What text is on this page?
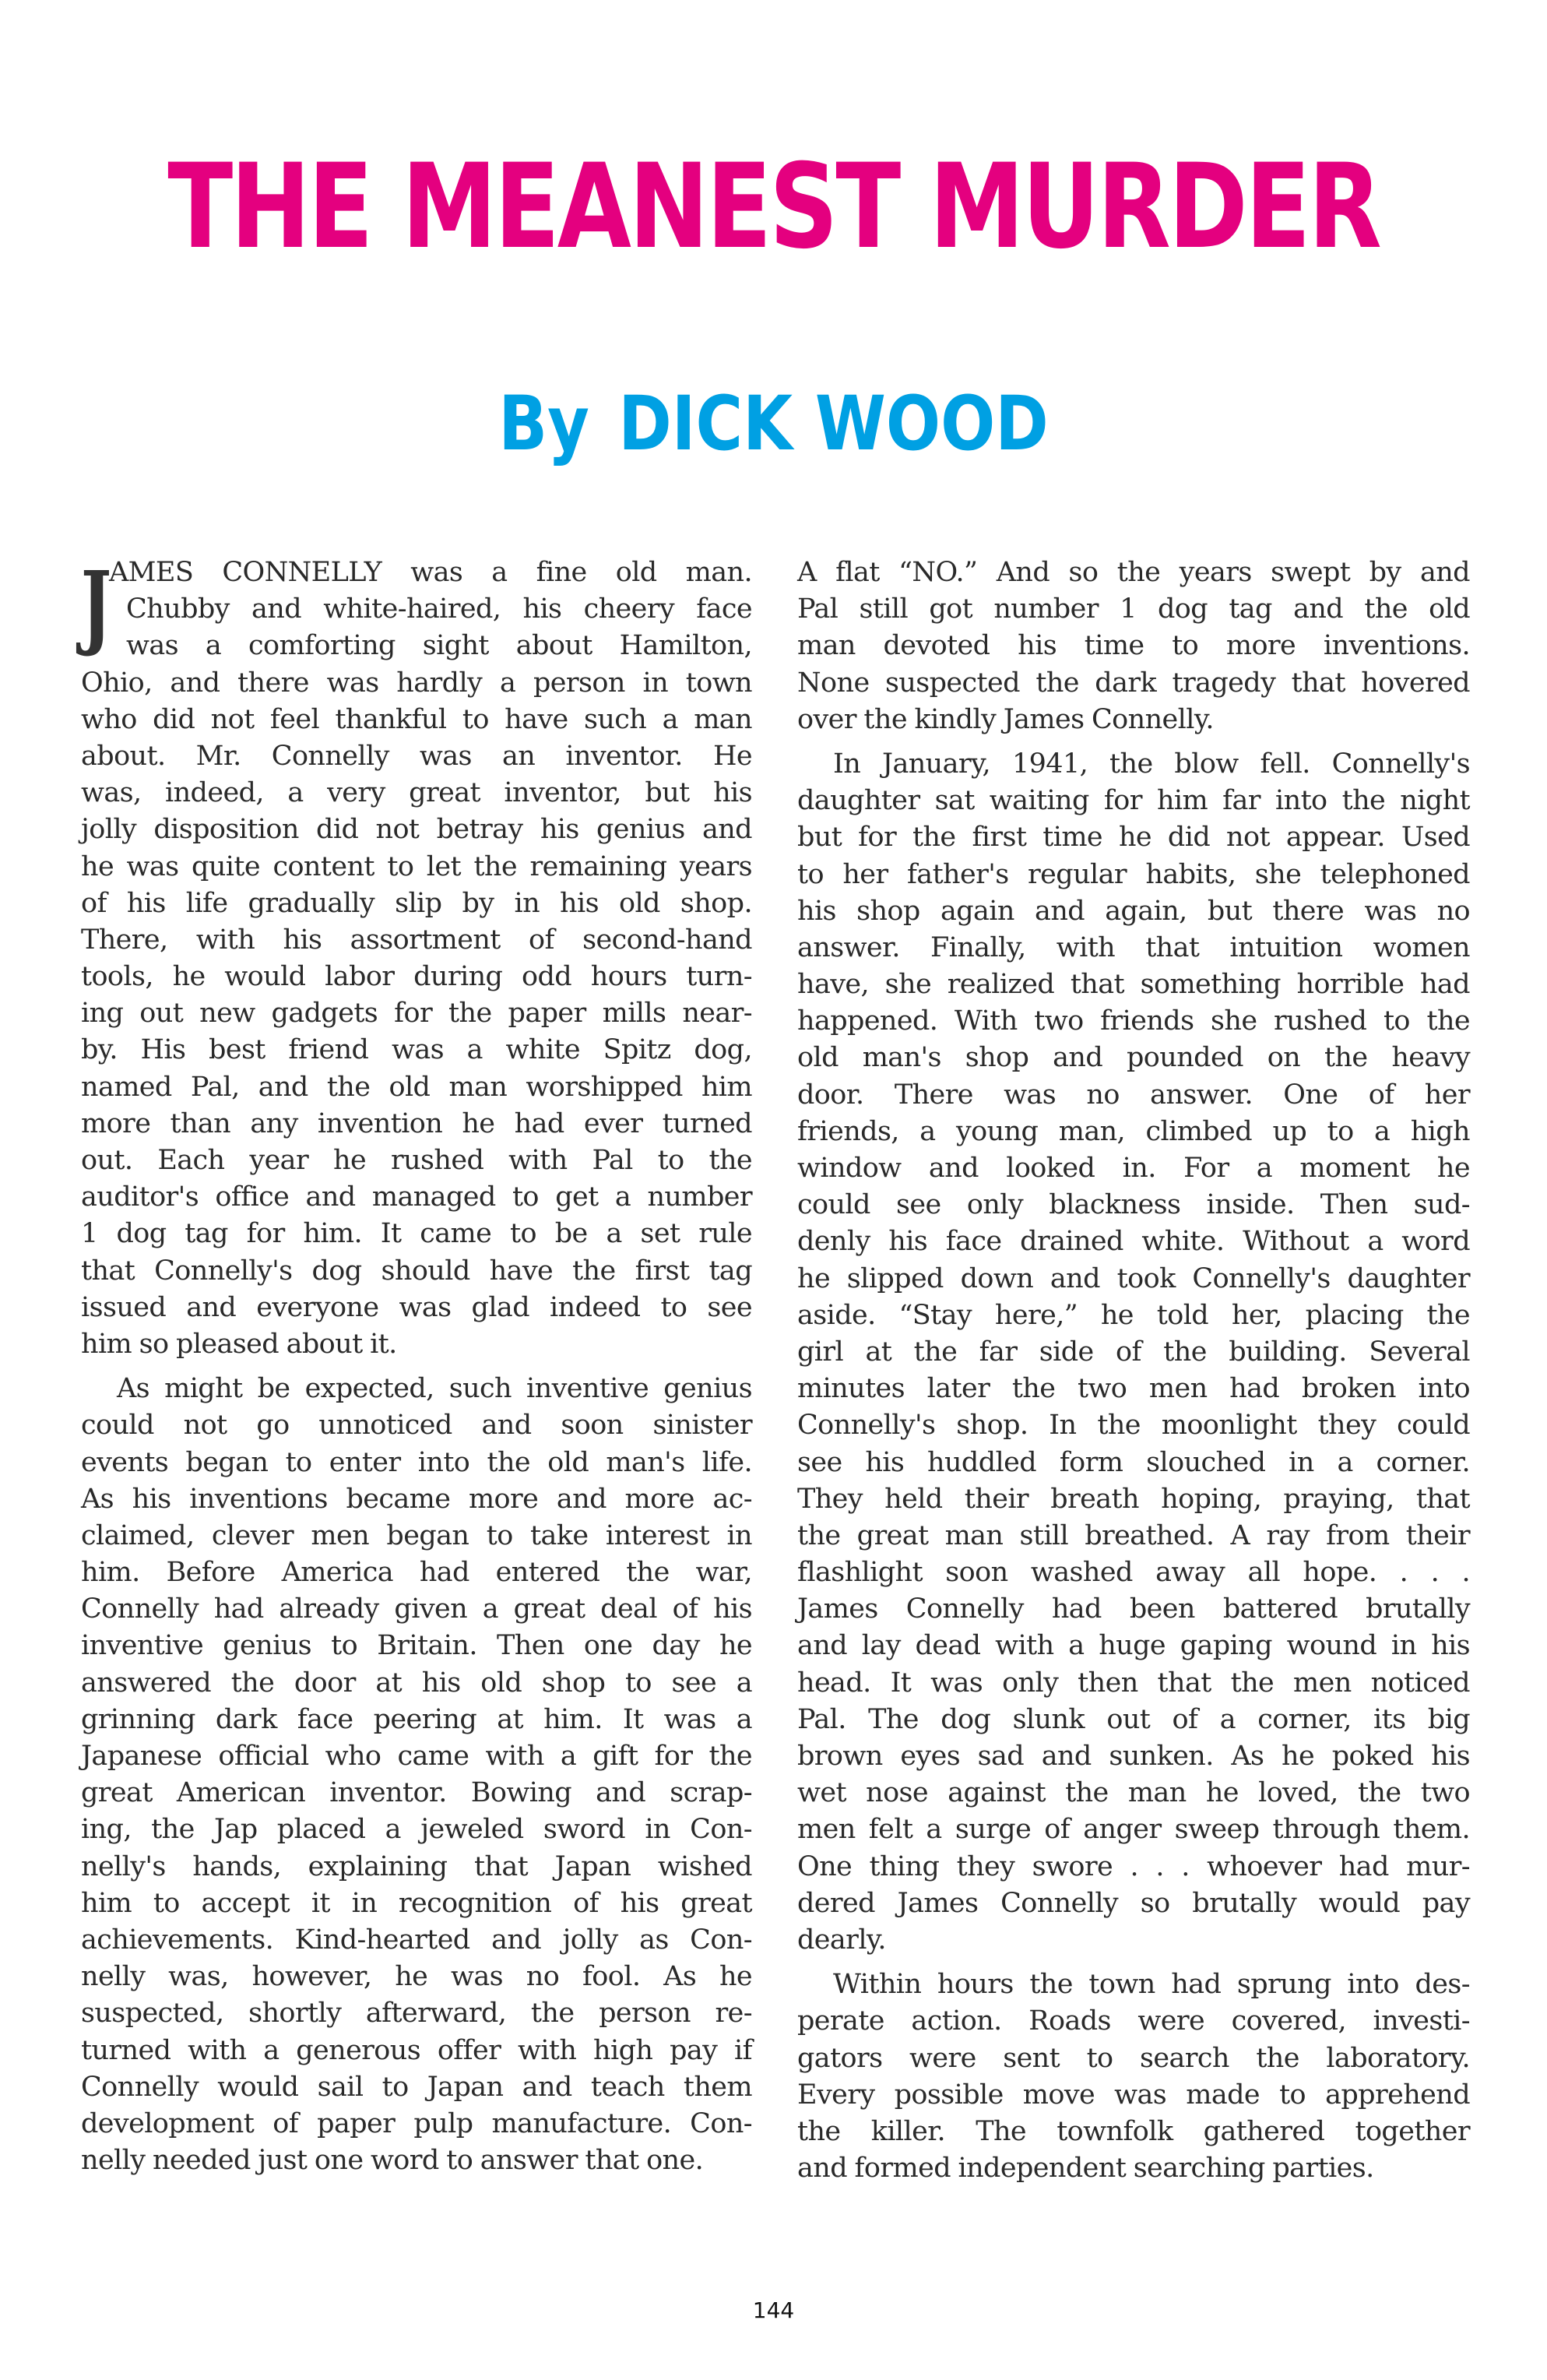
THE MEANEST MURDER
By DICK WOOD
J
AMES CONNELLY was a fine old man.
Chubby and white-haired, his cheery face
was a comforting sight about Hamilton,
Ohio, and there was hardly a person in town
who did not feel thankful to have such a man
about. Mr. Connelly was an inventor. He
was, indeed, a very great inventor, but his
jolly disposition did not betray his genius and
he was quite content to let the remaining years
of his life gradually slip by in his old shop.
There, with his assortment of second-hand
tools, he would labor during odd hours turn-
ing out new gadgets for the paper mills near-
by. His best friend was a white Spitz dog,
named Pal, and the old man worshipped him
more than any invention he had ever turned
out. Each year he rushed with Pal to the
auditor's office and managed to get a number
1 dog tag for him. It came to be a set rule
that Connelly's dog should have the first tag
issued and everyone was glad indeed to see
him so pleased about it.
As might be expected, such inventive genius
could not go unnoticed and soon sinister
events began to enter into the old man's life.
As his inventions became more and more ac-
claimed, clever men began to take interest in
him. Before America had entered the war,
Connelly had already given a great deal of his
inventive genius to Britain. Then one day he
answered the door at his old shop to see a
grinning dark face peering at him. It was a
Japanese official who came with a gift for the
great American inventor. Bowing and scrap-
ing, the Jap placed a jeweled sword in Con-
nelly's hands, explaining that Japan wished
him to accept it in recognition of his great
achievements. Kind-hearted and jolly as Con-
nelly was, however, he was no fool. As he
suspected, shortly afterward, the person re-
turned with a generous offer with high pay if
Connelly would sail to Japan and teach them
development of paper pulp manufacture. Con-
nelly needed just one word to answer that one.
A flat “NO.” And so the years swept by and
Pal still got number 1 dog tag and the old
man devoted his time to more inventions.
None suspected the dark tragedy that hovered
over the kindly James Connelly.
In January, 1941, the blow fell. Connelly's
daughter sat waiting for him far into the night
but for the first time he did not appear. Used
to her father's regular habits, she telephoned
his shop again and again, but there was no
answer. Finally, with that intuition women
have, she realized that something horrible had
happened. With two friends she rushed to the
old man's shop and pounded on the heavy
door. There was no answer. One of her
friends, a young man, climbed up to a high
window and looked in. For a moment he
could see only blackness inside. Then sud-
denly his face drained white. Without a word
he slipped down and took Connelly's daughter
aside. “Stay here,” he told her, placing the
girl at the far side of the building. Several
minutes later the two men had broken into
Connelly's shop. In the moonlight they could
see his huddled form slouched in a corner.
They held their breath hoping, praying, that
the great man still breathed. A ray from their
flashlight soon washed away all hope. . . .
James Connelly had been battered brutally
and lay dead with a huge gaping wound in his
head. It was only then that the men noticed
Pal. The dog slunk out of a corner, its big
brown eyes sad and sunken. As he poked his
wet nose against the man he loved, the two
men felt a surge of anger sweep through them.
One thing they swore . . . whoever had mur-
dered James Connelly so brutally would pay
dearly.
Within hours the town had sprung into des-
perate action. Roads were covered, investi-
gators were sent to search the laboratory.
Every possible move was made to apprehend
the killer. The townfolk gathered together
and formed independent searching parties.
144
